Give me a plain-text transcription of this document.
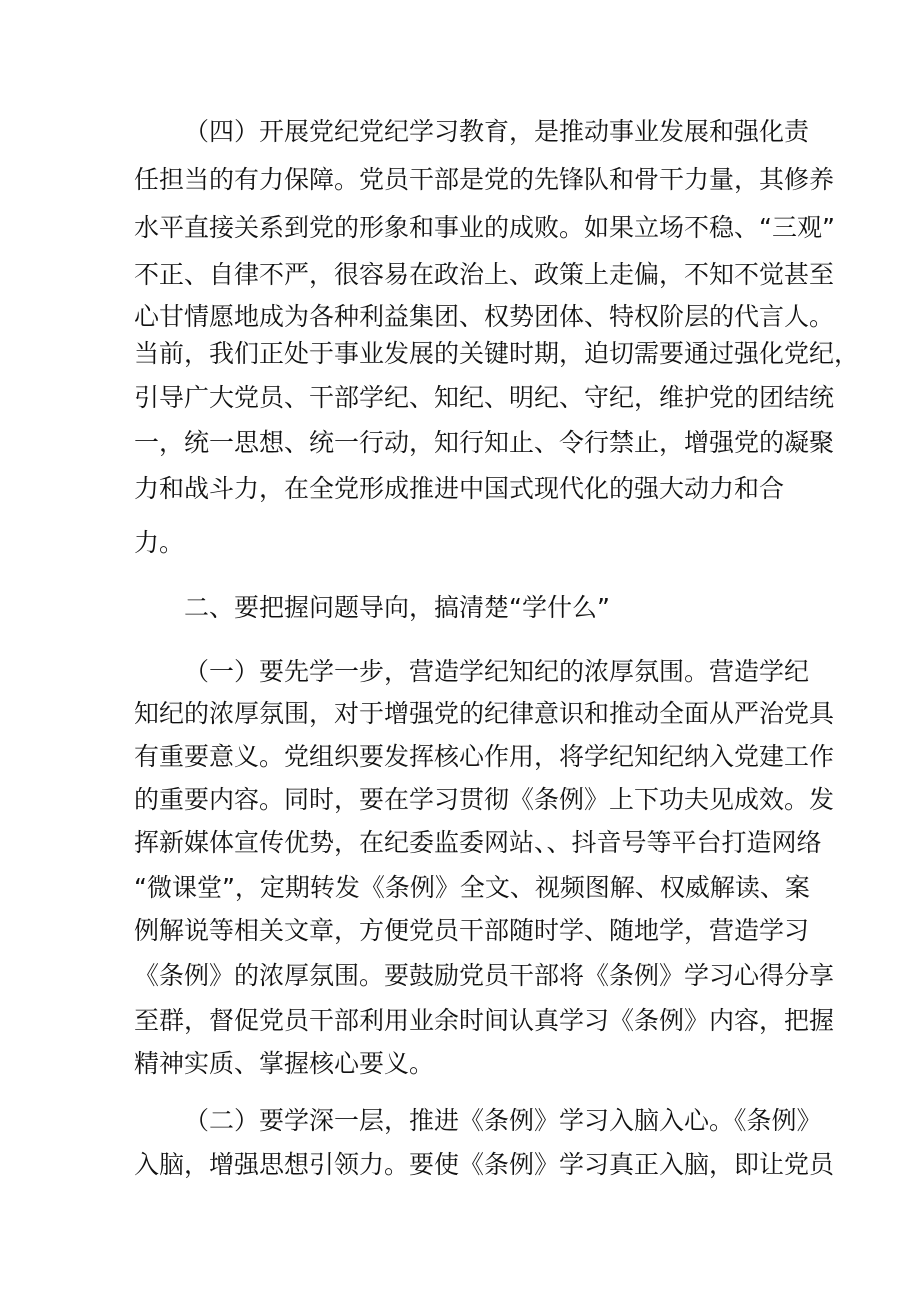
（四）开展党纪党纪学习教育，是推动事业发展和强化责
任担当的有力保障。党员干部是党的先锋队和骨干力量，其修养
水平直接关系到党的形象和事业的成败。如果立场不稳、“三观”
不正、自律不严，很容易在政治上、政策上走偏，不知不觉甚至
心甘情愿地成为各种利益集团、权势团体、特权阶层的代言人。
当前，我们正处于事业发展的关键时期，迫切需要通过强化党纪，
引导广大党员、干部学纪、知纪、明纪、守纪，维护党的团结统
一，统一思想、统一行动，知行知止、令行禁止，增强党的凝聚
力和战斗力，在全党形成推进中国式现代化的强大动力和合
力。
二、要把握问题导向，搞清楚“学什么”
（一）要先学一步，营造学纪知纪的浓厚氛围。营造学纪
知纪的浓厚氛围，对于增强党的纪律意识和推动全面从严治党具
有重要意义。党组织要发挥核心作用，将学纪知纪纳入党建工作
的重要内容。同时，要在学习贯彻《条例》上下功夫见成效。发
挥新媒体宣传优势，在纪委监委网站、、抖音号等平台打造网络
“微课堂”，定期转发《条例》全文、视频图解、权威解读、案
例解说等相关文章，方便党员干部随时学、随地学，营造学习
《条例》的浓厚氛围。要鼓励党员干部将《条例》学习心得分享
至群，督促党员干部利用业余时间认真学习《条例》内容，把握
精神实质、掌握核心要义。
（二）要学深一层，推进《条例》学习入脑入心。《条例》
入脑，增强思想引领力。要使《条例》学习真正入脑，即让党员
